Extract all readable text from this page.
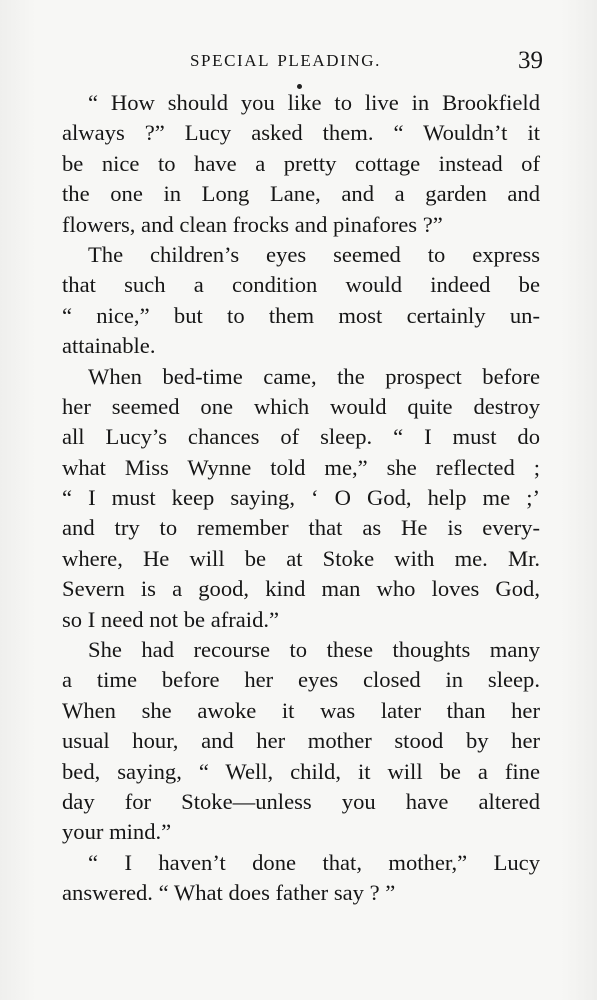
SPECIAL PLEADING.	39
“ How should you like to live in Brookfield
always ?” Lucy asked them. “ Wouldn’t it
be nice to have a pretty cottage instead of
the one in Long Lane, and a garden and
flowers, and clean frocks and pinafores ?”
The children’s eyes seemed to express
that such a condition would indeed be
“ nice,” but to them most certainly un-
attainable.
When bed-time came, the prospect before
her seemed one which would quite destroy
all Lucy’s chances of sleep. “ I must do
what Miss Wynne told me,” she reflected ;
“ I must keep saying, ‘ O God, help me ;’
and try to remember that as He is every-
where, He will be at Stoke with me. Mr.
Severn is a good, kind man who loves God,
so I need not be afraid.”
She had recourse to these thoughts many
a time before her eyes closed in sleep.
When she awoke it was later than her
usual hour, and her mother stood by her
bed, saying, “ Well, child, it will be a fine
day for Stoke—unless you have altered
your mind.”
“ I haven’t done that, mother,” Lucy
answered. “ What does father say ? ”
